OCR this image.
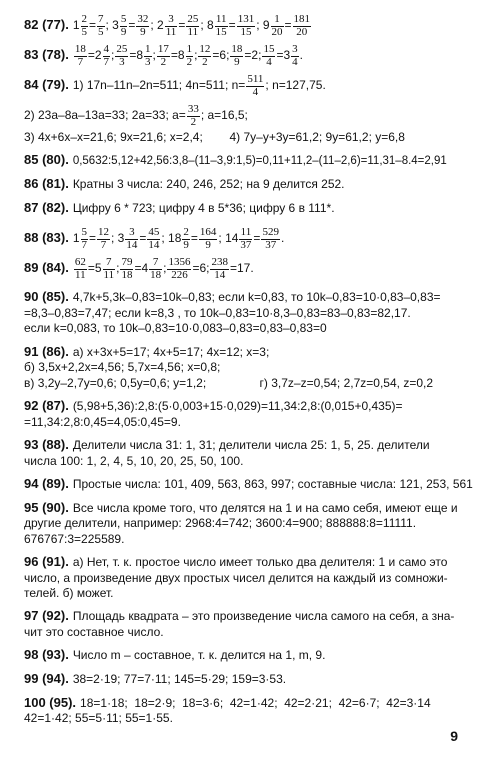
82 (77). $1 \frac{2}{5} = \frac{7}{5}$ ; $3 \frac{5}{9} = \frac{32}{9}$ ; $2 \frac{3}{11} = \frac{25}{11}$ ; $8 \frac{11}{15} = \frac{131}{15}$ ; $9 \frac{1}{20} = \frac{181}{20}$
83 (78). $\frac{18}{7} =2 \frac{4}{7}$ ; $\frac{25}{3} =8 \frac{1}{3}$ ; $\frac{17}{2} =8 \frac{1}{2}$ ; $\frac{12}{2} =6$; $\frac{18}{9} =2$; $\frac{15}{4} =3 \frac{3}{4}$ .
84 (79). 1) 17n–11n–2n=511; 4n=511; $n= \frac{511}{4}$ ; n=127,75.
2) 23a–8a–13a=33; 2a=33; $a= \frac{33}{2}$ ; a=16,5;
3) 4x+6x–x=21,6; 9x=21,6; x=2,4;        4) 7y–y+3y=61,2; 9y=61,2; y=6,8
85 (80). 0,5632:5,12+42,56:3,8–(11–3,9:1,5)=0,11+11,2–(11–2,6)=11,31–8.4=2,91
86 (81). Кратны 3 числа: 240, 246, 252; на 9 делится 252.
87 (82). Цифру 6 * 723; цифру 4 в 5*36; цифру 6 в 111*.
88 (83). $1 \frac{5}{7} = \frac{12}{7}$ ; $3 \frac{3}{14} = \frac{45}{14}$ ; $18 \frac{2}{9} = \frac{164}{9}$ ; $14 \frac{11}{37} = \frac{529}{37}$ .
89 (84). $\frac{62}{11} =5 \frac{7}{11}$ ; $\frac{79}{18} =4 \frac{7}{18}$ ; $\frac{1356}{226} =6$; $\frac{238}{14} =17$.
90 (85). 4,7k+5,3k–0,83=10k–0,83; если k=0,83, то 10k–0,83=10·0,83–0,83=
=8,3–0,83=7,47; если k=8,3 , то 10k–0,83=10·8,3–0,83=83–0,83=82,17.
если k=0,083, то 10k–0,83=10·0,083–0,83=0,83–0,83=0
91 (86). а) x+3x+5=17; 4x+5=17; 4x=12; x=3;
б) 3,5x+2,2x=4,56; 5,7x=4,56; x=0,8;
в) 3,2y–2,7y=0,6; 0,5y=0,6; y=1,2;                г) 3,7z–z=0,54; 2,7z=0,54, z=0,2
92 (87). (5,98+5,36):2,8:(5·0,003+15·0,029)=11,34:2,8:(0,015+0,435)=
=11,34:2,8:0,45=4,05:0,45=9.
93 (88). Делители числа 31: 1, 31; делители числа 25: 1, 5, 25. делители
числа 100: 1, 2, 4, 5, 10, 20, 25, 50, 100.
94 (89). Простые числа: 101, 409, 563, 863, 997; составные числа: 121, 253, 561
95 (90). Все числа кроме того, что делятся на 1 и на само себя, имеют еще и
другие делители, например: 2968:4=742; 3600:4=900; 888888:8=11111.
676767:3=225589.
96 (91). а) Нет, т. к. простое число имеет только два делителя: 1 и само это
число, а произведение двух простых чисел делится на каждый из сомножи-
телей. б) может.
97 (92). Площадь квадрата – это произведение числа самого на себя, а зна-
чит это составное число.
98 (93). Число m – составное, т. к. делится на 1, m, 9.
99 (94). 38=2·19; 77=7·11; 145=5·29; 159=3·53.
100 (95). 18=1·18;  18=2·9;  18=3·6;  42=1·42;  42=2·21;  42=6·7;  42=3·14
42=1·42; 55=5·11; 55=1·55.
9
